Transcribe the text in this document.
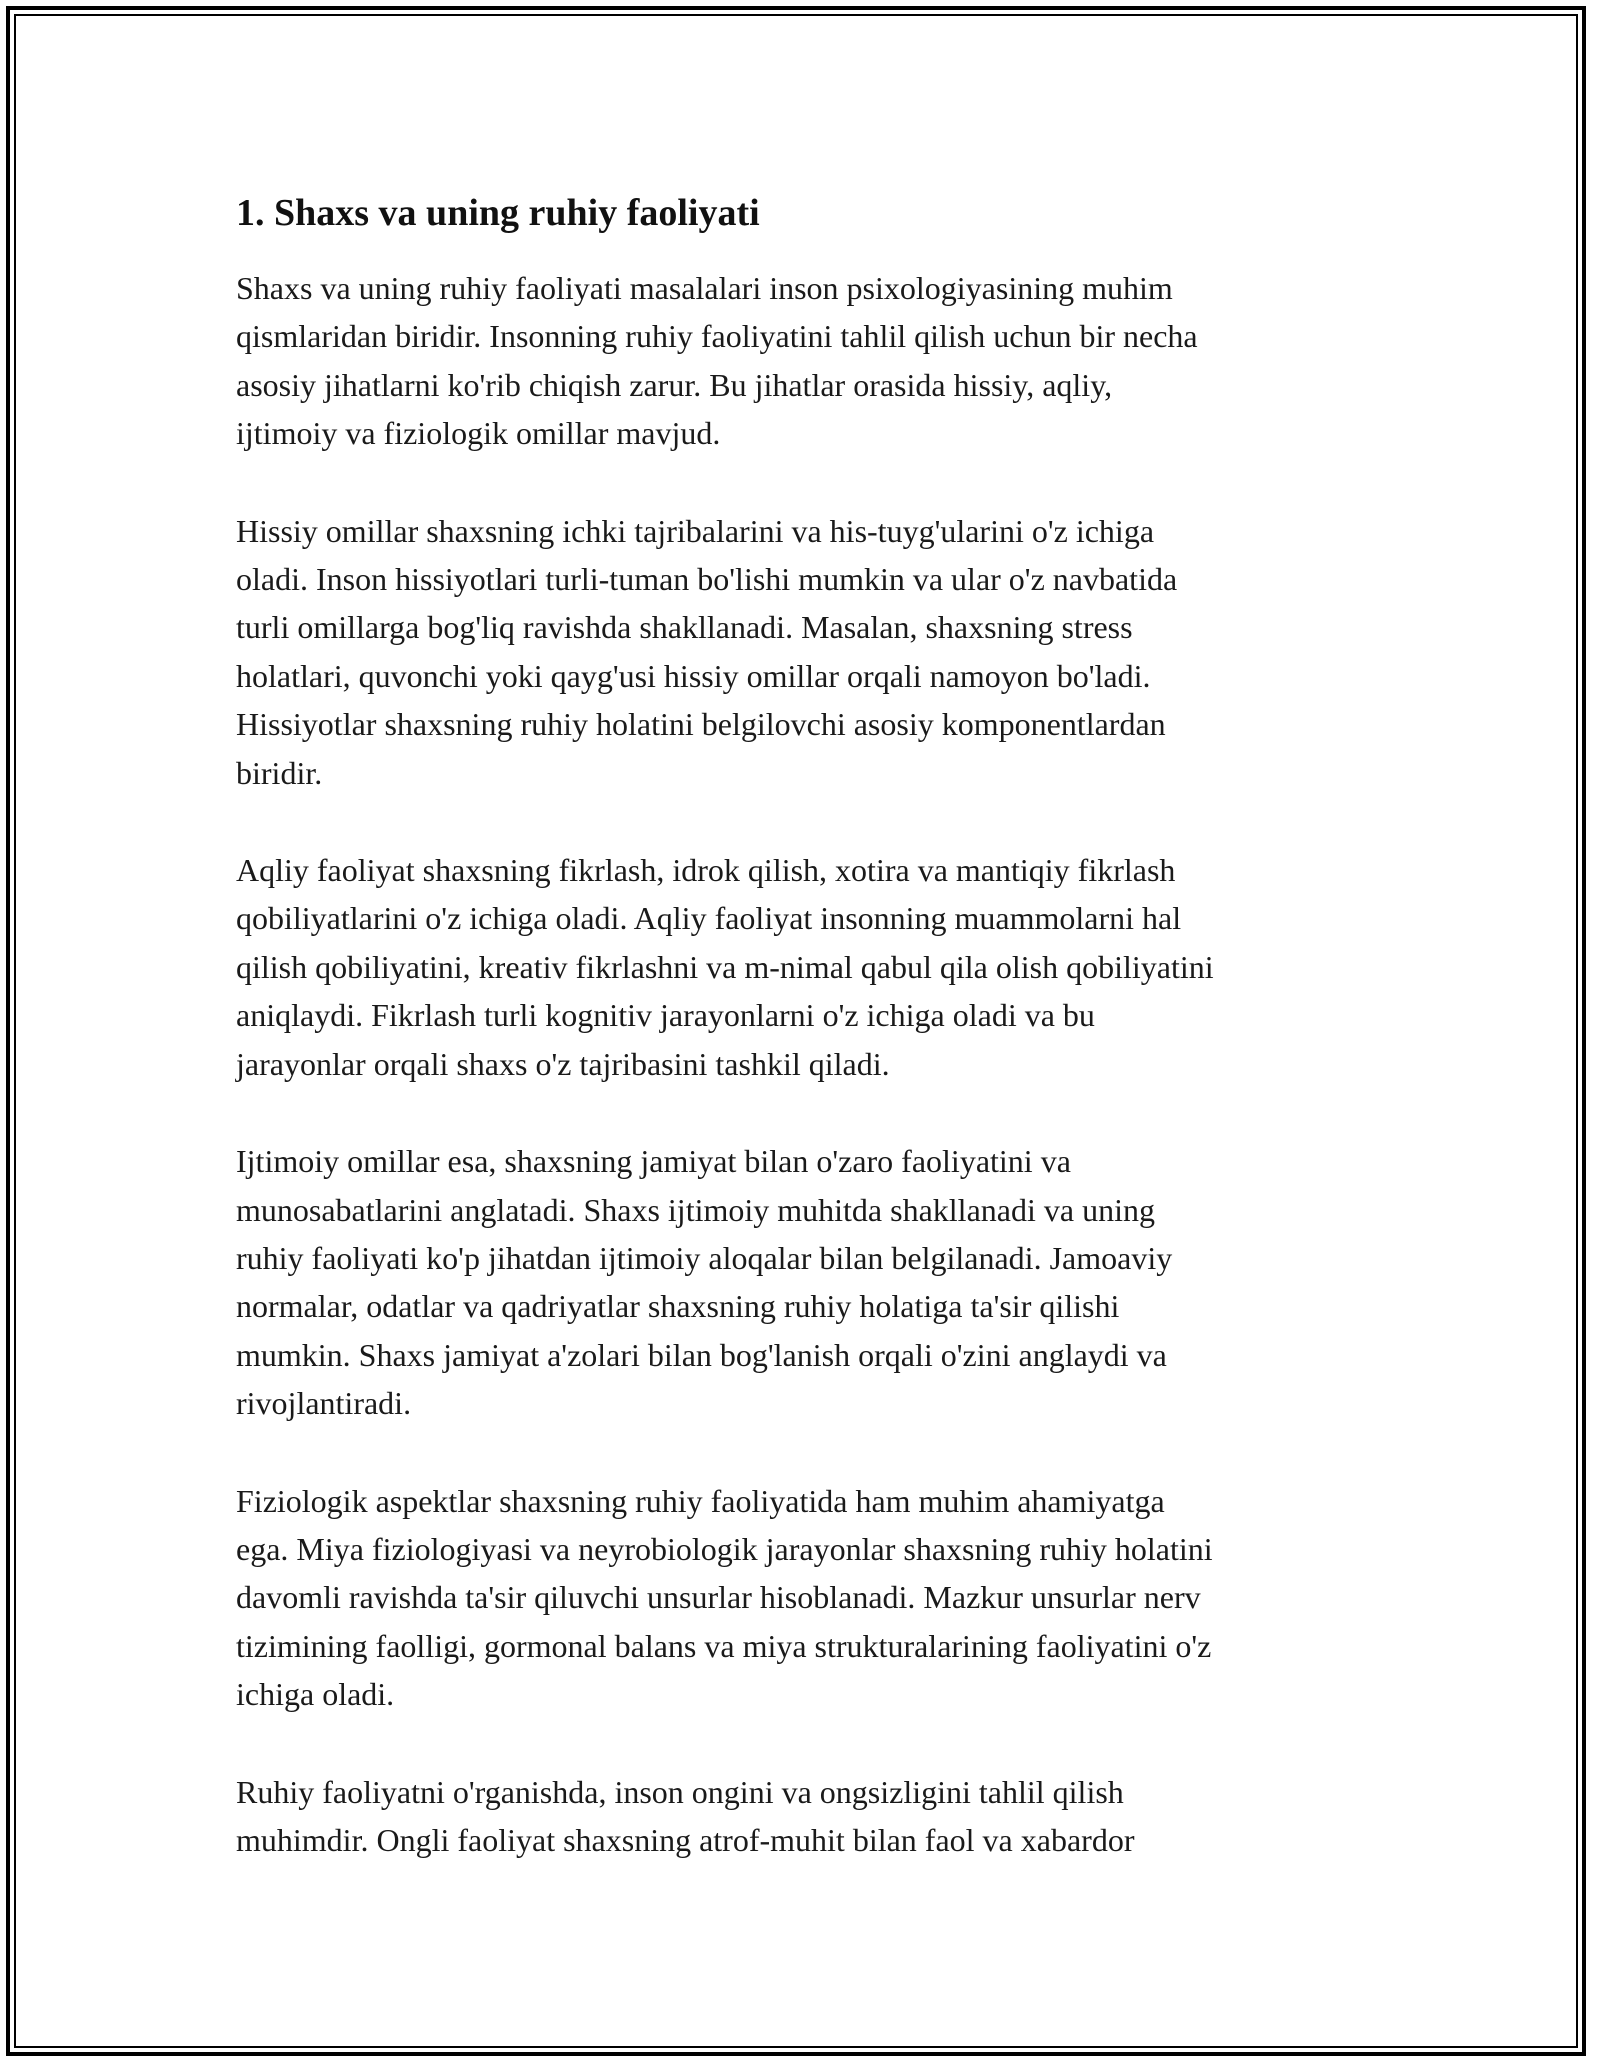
1. Shaxs va uning ruhiy faoliyati

Shaxs va uning ruhiy faoliyati masalalari inson psixologiyasining muhim
qismlaridan biridir. Insonning ruhiy faoliyatini tahlil qilish uchun bir necha
asosiy jihatlarni ko'rib chiqish zarur. Bu jihatlar orasida hissiy, aqliy,
ijtimoiy va fiziologik omillar mavjud.

Hissiy omillar shaxsning ichki tajribalarini va his-tuyg'ularini o'z ichiga
oladi. Inson hissiyotlari turli-tuman bo'lishi mumkin va ular o'z navbatida
turli omillarga bog'liq ravishda shakllanadi. Masalan, shaxsning stress
holatlari, quvonchi yoki qayg'usi hissiy omillar orqali namoyon bo'ladi.
Hissiyotlar shaxsning ruhiy holatini belgilovchi asosiy komponentlardan
biridir.

Aqliy faoliyat shaxsning fikrlash, idrok qilish, xotira va mantiqiy fikrlash
qobiliyatlarini o'z ichiga oladi. Aqliy faoliyat insonning muammolarni hal
qilish qobiliyatini, kreativ fikrlashni va m-nimal qabul qila olish qobiliyatini
aniqlaydi. Fikrlash turli kognitiv jarayonlarni o'z ichiga oladi va bu
jarayonlar orqali shaxs o'z tajribasini tashkil qiladi.

Ijtimoiy omillar esa, shaxsning jamiyat bilan o'zaro faoliyatini va
munosabatlarini anglatadi. Shaxs ijtimoiy muhitda shakllanadi va uning
ruhiy faoliyati ko'p jihatdan ijtimoiy aloqalar bilan belgilanadi. Jamoaviy
normalar, odatlar va qadriyatlar shaxsning ruhiy holatiga ta'sir qilishi
mumkin. Shaxs jamiyat a'zolari bilan bog'lanish orqali o'zini anglaydi va
rivojlantiradi.

Fiziologik aspektlar shaxsning ruhiy faoliyatida ham muhim ahamiyatga
ega. Miya fiziologiyasi va neyrobiologik jarayonlar shaxsning ruhiy holatini
davomli ravishda ta'sir qiluvchi unsurlar hisoblanadi. Mazkur unsurlar nerv
tizimining faolligi, gormonal balans va miya strukturalarining faoliyatini o'z
ichiga oladi.

Ruhiy faoliyatni o'rganishda, inson ongini va ongsizligini tahlil qilish
muhimdir. Ongli faoliyat shaxsning atrof-muhit bilan faol va xabardor
